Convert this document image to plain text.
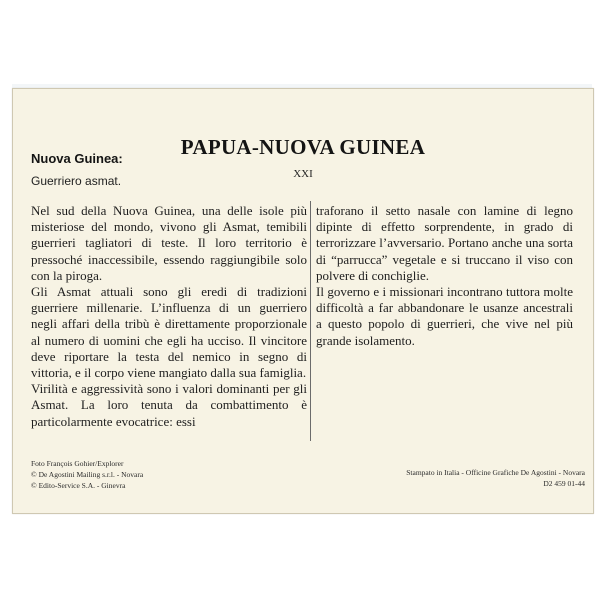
PAPUA-NUOVA GUINEA
XXI
Nuova Guinea:
Guerriero asmat.

Nel sud della Nuova Guinea, una delle isole più misteriose del mondo, vivono gli Asmat, temibili guerrieri tagliatori di teste. Il loro territorio è pressoché inaccessibile, essendo raggiungibile solo con la piroga.

Gli Asmat attuali sono gli eredi di tradizioni guerriere millenarie. L’influenza di un guerriero negli affari della tribù è direttamente proporzionale al numero di uomini che egli ha ucciso. Il vincitore deve riportare la testa del nemico in segno di vittoria, e il corpo viene mangiato dalla sua famiglia.

Virilità e aggressività sono i valori dominanti per gli Asmat. La loro tenuta da combattimento è particolarmente evocatrice: essi

traforano il setto nasale con lamine di legno dipinte di effetto sorprendente, in grado di terrorizzare l’avversario. Portano anche una sorta di “parrucca” vegetale e si truccano il viso con polvere di conchiglie.

Il governo e i missionari incontrano tuttora molte difficoltà a far abbandonare le usanze ancestrali a questo popolo di guerrieri, che vive nel più grande isolamento.

Foto François Gohier/Explorer
© De Agostini Mailing s.r.l. - Novara
© Edito-Service S.A. - Ginevra
Stampato in Italia - Officine Grafiche De Agostini - Novara
D2 459 01-44
